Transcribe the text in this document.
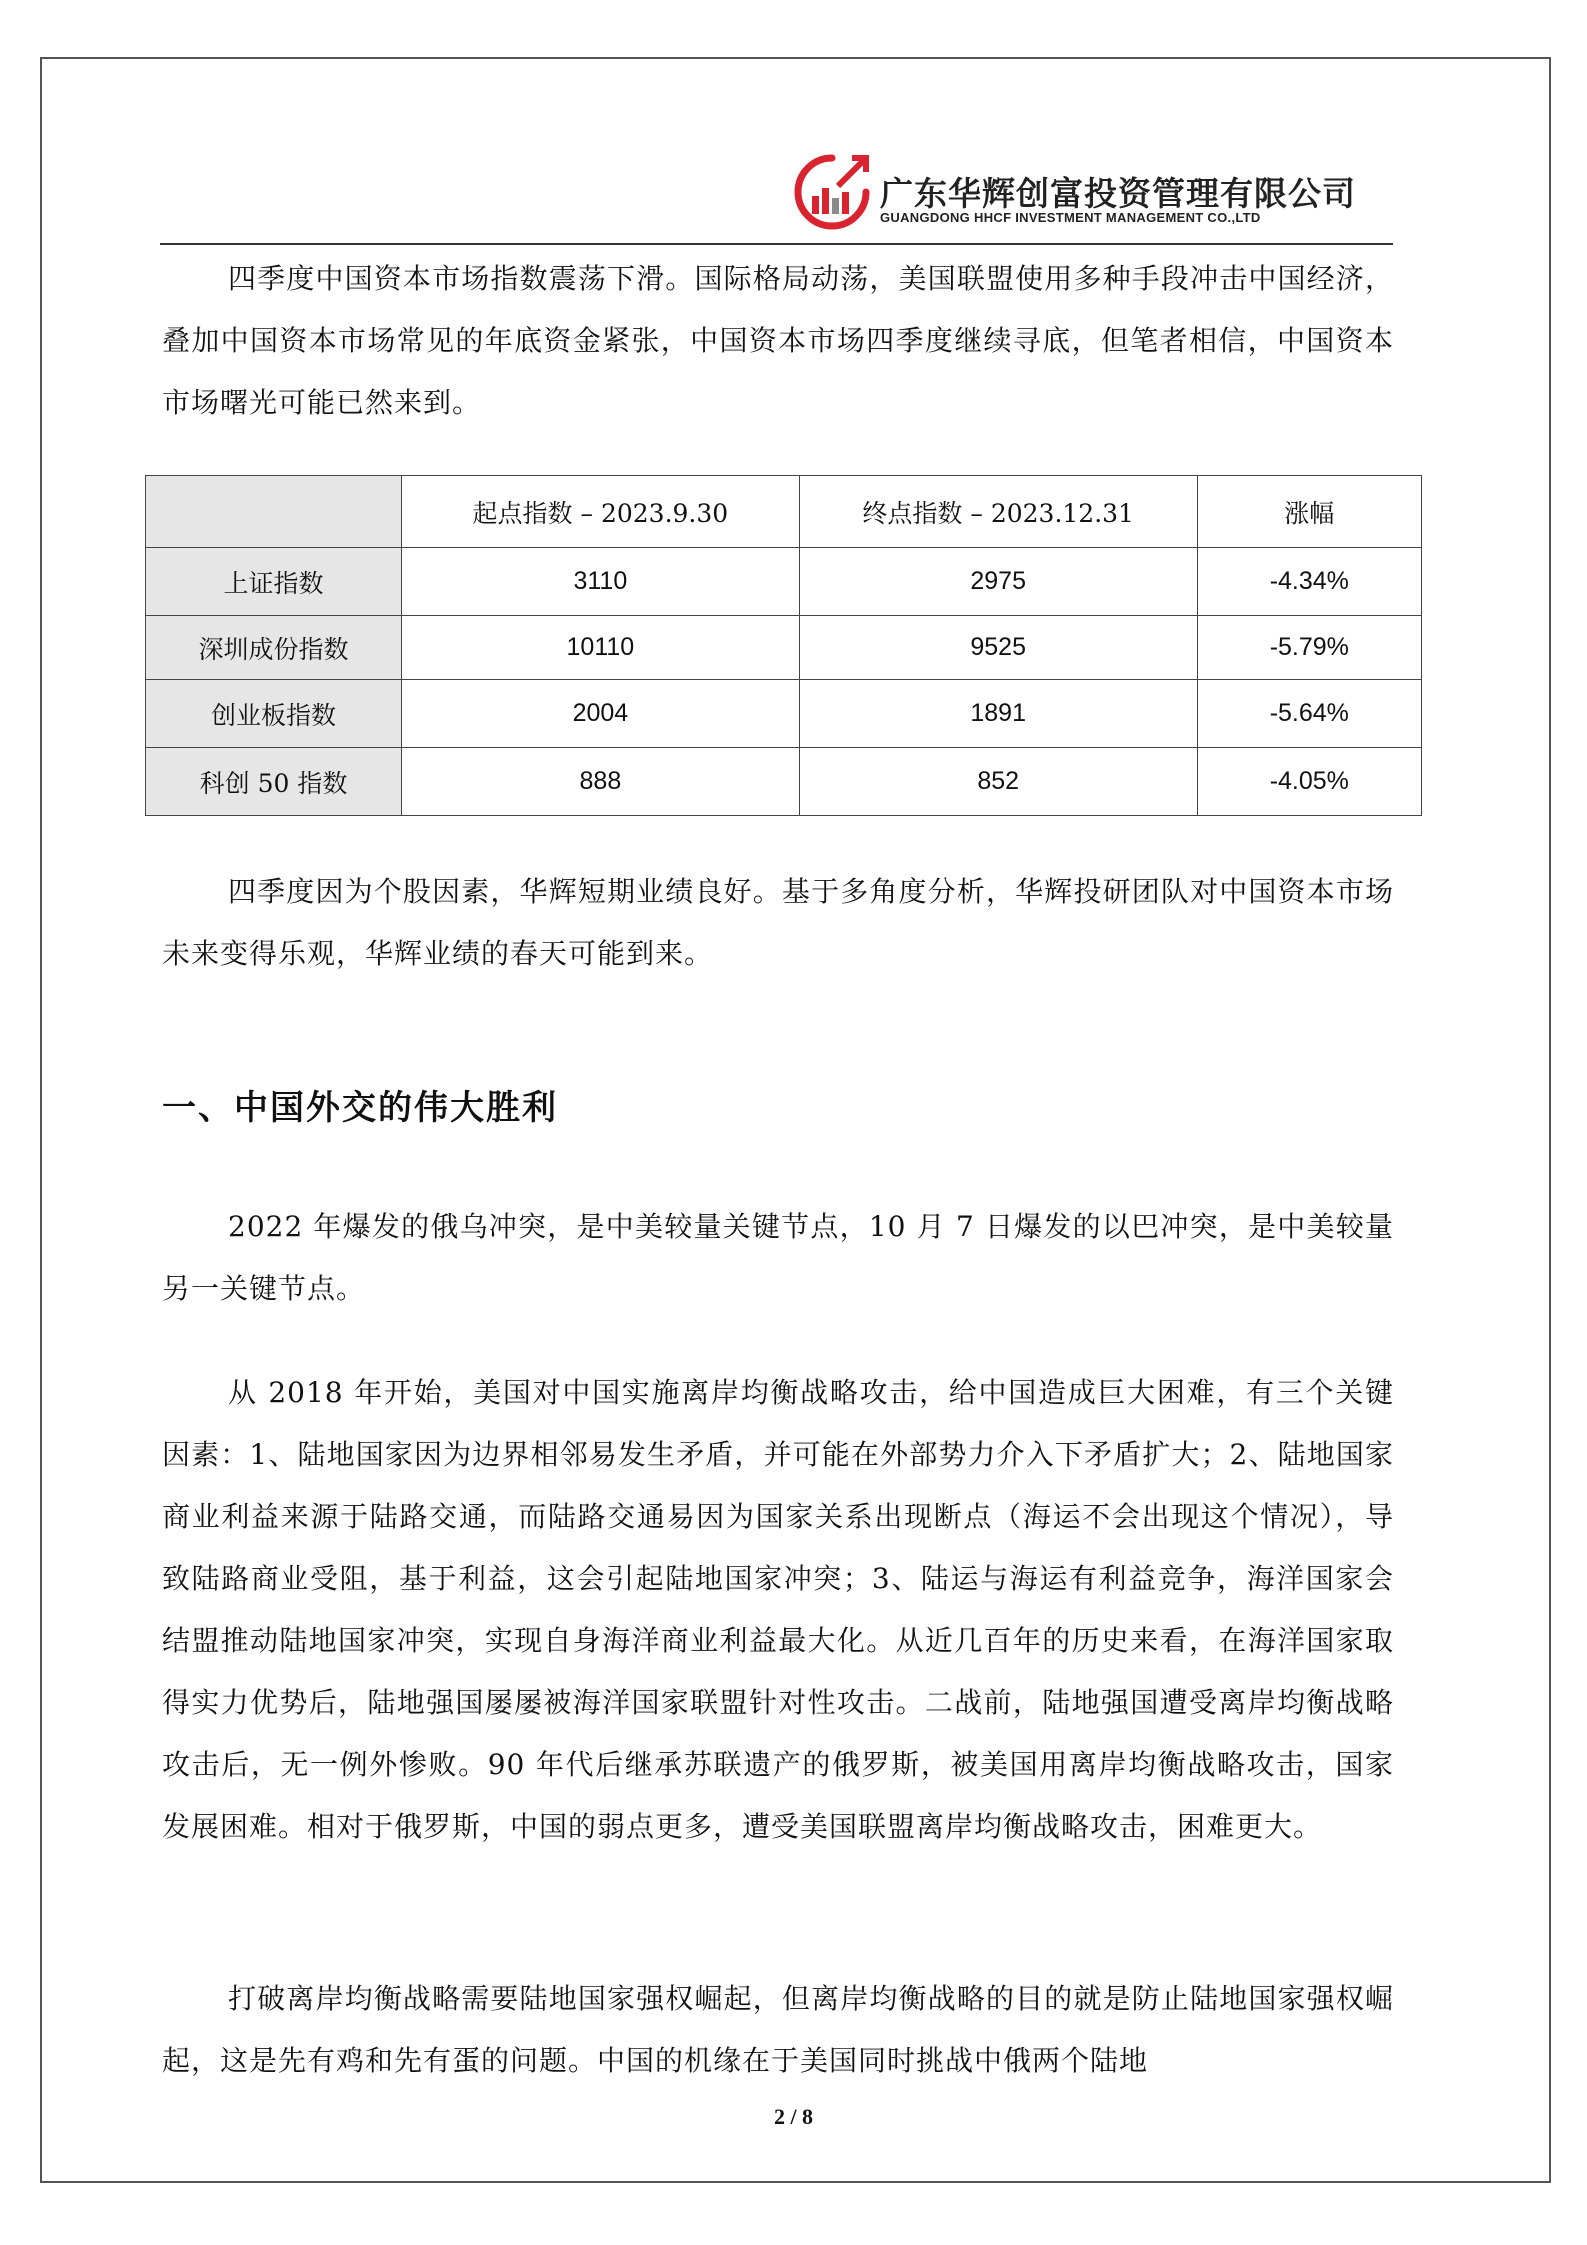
广东华辉创富投资管理有限公司
GUANGDONG HHCF INVESTMENT MANAGEMENT CO.,LTD

四季度中国资本市场指数震荡下滑。国际格局动荡，美国联盟使用多种手段冲击中国经济，叠加中国资本市场常见的年底资金紧张，中国资本市场四季度继续寻底，但笔者相信，中国资本市场曙光可能已然来到。

	起点指数 – 2023.9.30	终点指数 – 2023.12.31	涨幅
上证指数	3110	2975	-4.34%
深圳成份指数	10110	9525	-5.79%
创业板指数	2004	1891	-5.64%
科创 50 指数	888	852	-4.05%

四季度因为个股因素，华辉短期业绩良好。基于多角度分析，华辉投研团队对中国资本市场未来变得乐观，华辉业绩的春天可能到来。

一、中国外交的伟大胜利

2022 年爆发的俄乌冲突，是中美较量关键节点，10 月 7 日爆发的以巴冲突，是中美较量另一关键节点。

从 2018 年开始，美国对中国实施离岸均衡战略攻击，给中国造成巨大困难，有三个关键因素：1、陆地国家因为边界相邻易发生矛盾，并可能在外部势力介入下矛盾扩大；2、陆地国家商业利益来源于陆路交通，而陆路交通易因为国家关系出现断点（海运不会出现这个情况），导致陆路商业受阻，基于利益，这会引起陆地国家冲突；3、陆运与海运有利益竞争，海洋国家会结盟推动陆地国家冲突，实现自身海洋商业利益最大化。从近几百年的历史来看，在海洋国家取得实力优势后，陆地强国屡屡被海洋国家联盟针对性攻击。二战前，陆地强国遭受离岸均衡战略攻击后，无一例外惨败。90 年代后继承苏联遗产的俄罗斯，被美国用离岸均衡战略攻击，国家发展困难。相对于俄罗斯，中国的弱点更多，遭受美国联盟离岸均衡战略攻击，困难更大。

打破离岸均衡战略需要陆地国家强权崛起，但离岸均衡战略的目的就是防止陆地国家强权崛起，这是先有鸡和先有蛋的问题。中国的机缘在于美国同时挑战中俄两个陆地

2 / 8
